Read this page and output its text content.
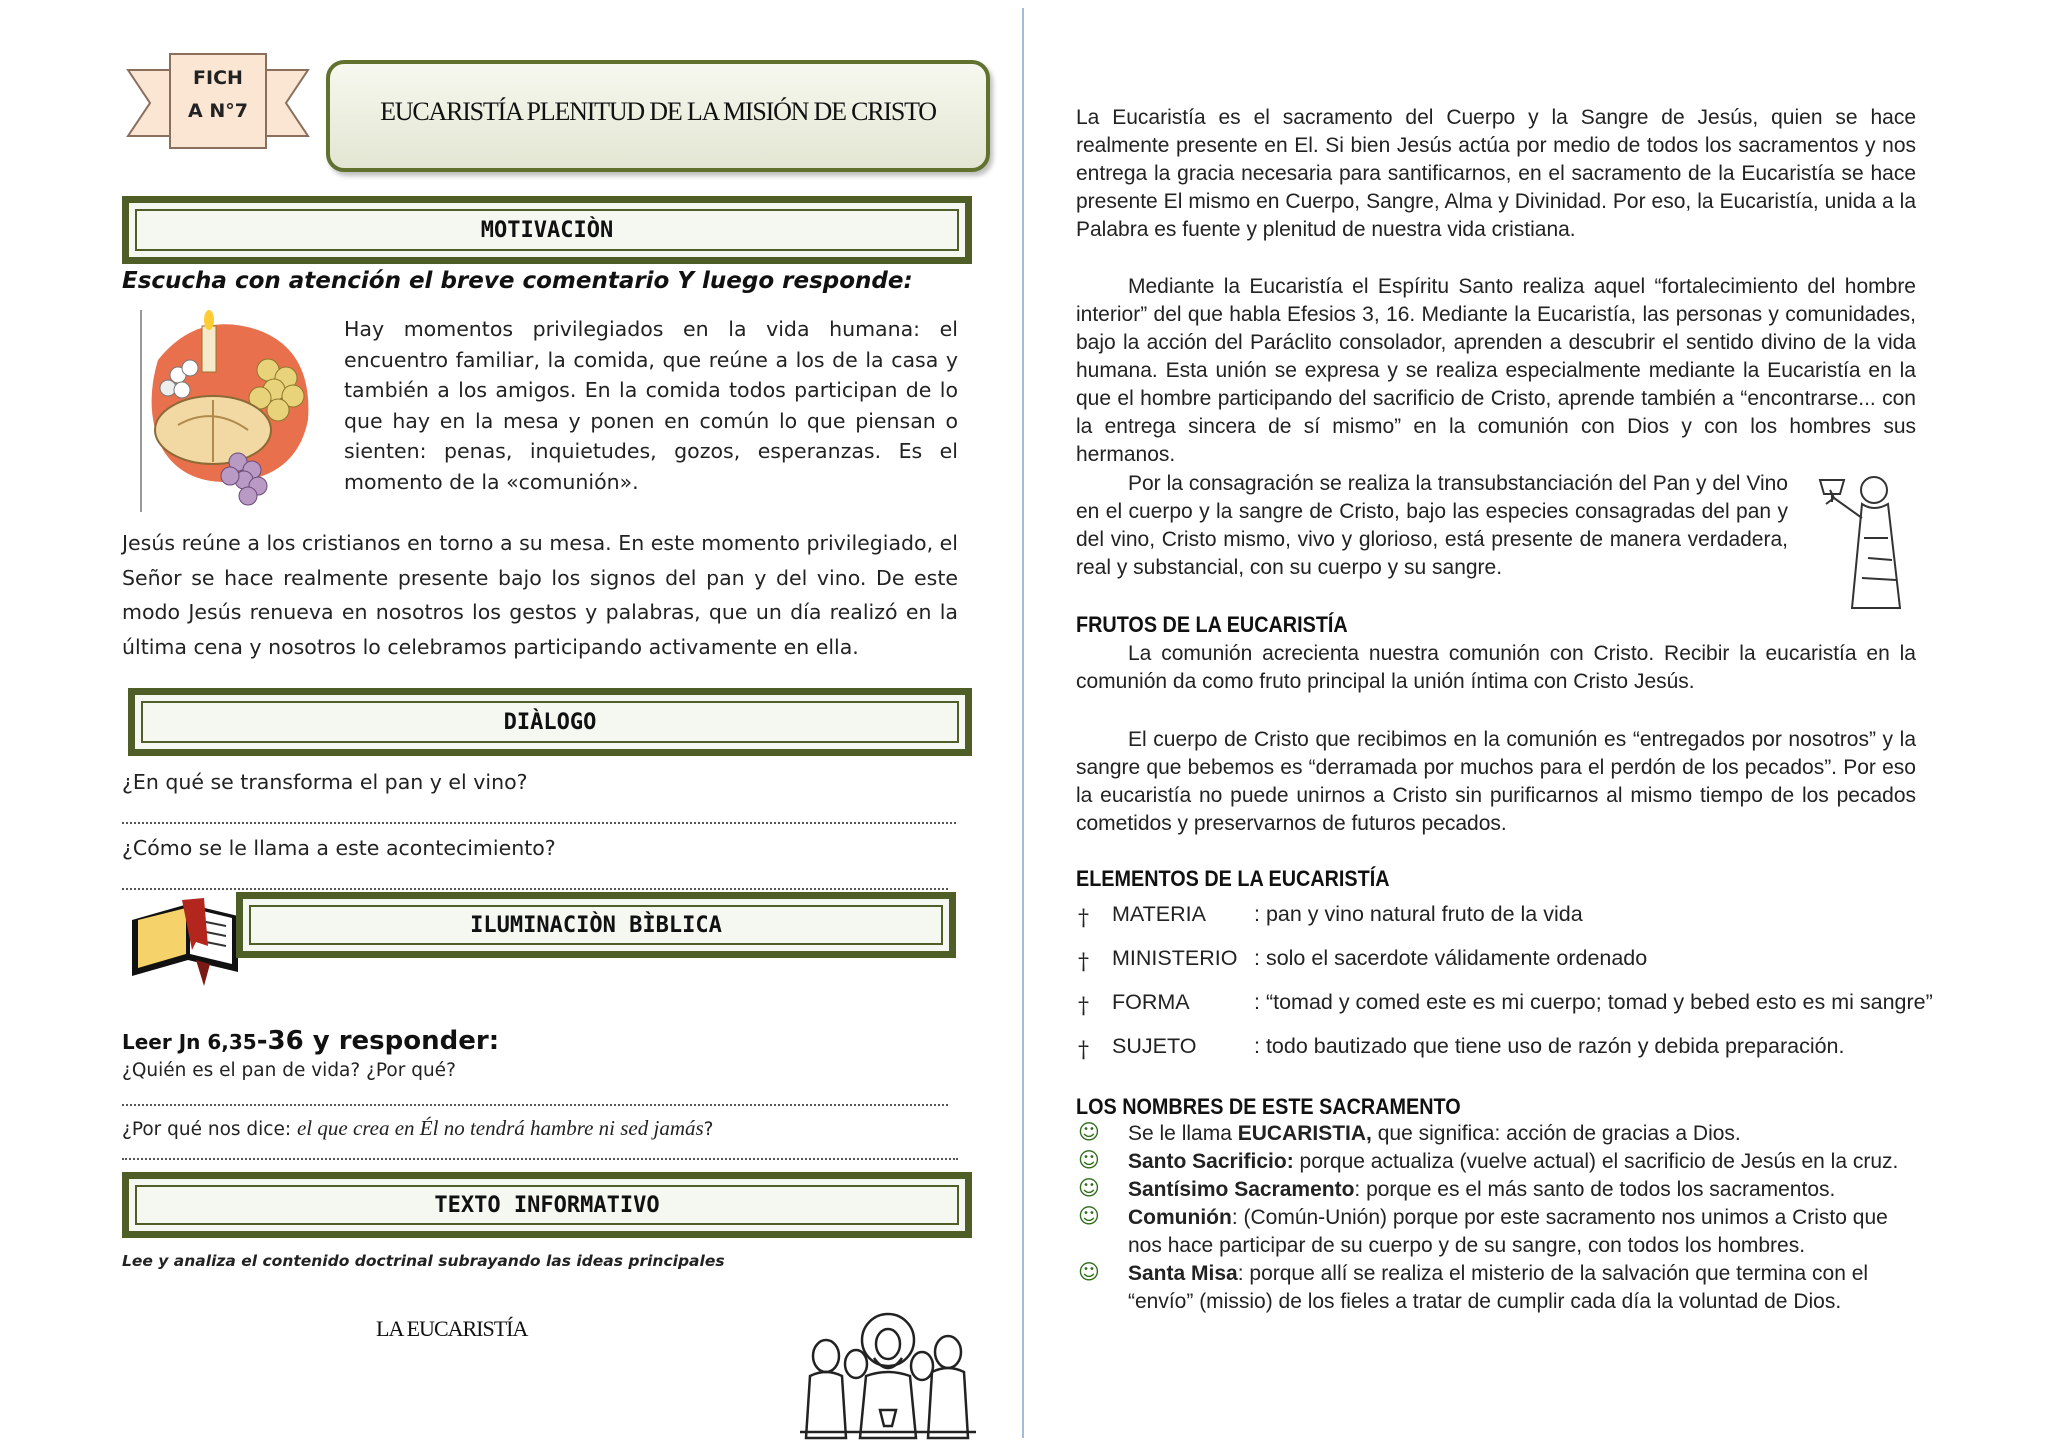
FICH
A N°7	EUCARISTÍA PLENITUD DE LA MISIÓN DE CRISTO
MOTIVACIÒN
Escucha con atención el breve comentario Y luego responde:
Hay momentos privilegiados en la vida humana: el encuentro familiar, la comida, que reúne a los de la casa y también a los amigos. En la comida todos participan de lo que hay en la mesa y ponen en común lo que piensan o sienten: penas, inquietudes, gozos, esperanzas. Es el momento de la «comunión».
Jesús reúne a los cristianos en torno a su mesa. En este momento privilegiado, el Señor se hace realmente presente bajo los signos del pan y del vino. De este modo Jesús renueva en nosotros los gestos y palabras, que un día realizó en la última cena y nosotros lo celebramos participando activamente en ella.
DIÀLOGO
¿En qué se transforma el pan y el vino?
¿Cómo se le llama a este acontecimiento?
ILUMINACIÒN BÌBLICA
Leer Jn 6,35-36 y responder:
¿Quién es el pan de vida? ¿Por qué?
¿Por qué nos dice: el que crea en Él no tendrá hambre ni sed jamás?
TEXTO INFORMATIVO
Lee y analiza el contenido doctrinal subrayando las ideas principales
LA EUCARISTÍA
La Eucaristía es el sacramento del Cuerpo y la Sangre de Jesús, quien se hace realmente presente en El. Si bien Jesús actúa por medio de todos los sacramentos y nos entrega la gracia necesaria para santificarnos, en el sacramento de la Eucaristía se hace presente El mismo en Cuerpo, Sangre, Alma y Divinidad. Por eso, la Eucaristía, unida a la Palabra es fuente y plenitud de nuestra vida cristiana.
Mediante la Eucaristía el Espíritu Santo realiza aquel “fortalecimiento del hombre interior” del que habla Efesios 3, 16. Mediante la Eucaristía, las personas y comunidades, bajo la acción del Paráclito consolador, aprenden a descubrir el sentido divino de la vida humana. Esta unión se expresa y se realiza especialmente mediante la Eucaristía en la que el hombre participando del sacrificio de Cristo, aprende también a “encontrarse... con la entrega sincera de sí mismo” en la comunión con Dios y con los hombres sus hermanos.
Por la consagración se realiza la transubstanciación del Pan y del Vino en el cuerpo y la sangre de Cristo, bajo las especies consagradas del pan y del vino, Cristo mismo, vivo y glorioso, está presente de manera verdadera, real y substancial, con su cuerpo y su sangre.
FRUTOS DE LA EUCARISTÍA
La comunión acrecienta nuestra comunión con Cristo. Recibir la eucaristía en la comunión da como fruto principal la unión íntima con Cristo Jesús.
El cuerpo de Cristo que recibimos en la comunión es “entregados por nosotros” y la sangre que bebemos es “derramada por muchos para el perdón de los pecados”. Por eso la eucaristía no puede unirnos a Cristo sin purificarnos al mismo tiempo de los pecados cometidos y preservarnos de futuros pecados.
ELEMENTOS DE LA EUCARISTÍA
† MATERIA : pan y vino natural fruto de la vida
† MINISTERIO : solo el sacerdote válidamente ordenado
† FORMA	: “tomad y comed este es mi cuerpo; tomad y bebed esto es mi sangre”
† SUJETO	: todo bautizado que tiene uso de razón y debida preparación.
LOS NOMBRES DE ESTE SACRAMENTO
☺ Se le llama EUCARISTIA, que significa: acción de gracias a Dios.
☺ Santo Sacrificio: porque actualiza (vuelve actual) el sacrificio de Jesús en la cruz.
☺ Santísimo Sacramento: porque es el más santo de todos los sacramentos.
☺ Comunión: (Común-Unión) porque por este sacramento nos unimos a Cristo que nos hace participar de su cuerpo y de su sangre, con todos los hombres.
☺ Santa Misa: porque allí se realiza el misterio de la salvación que termina con el “envío” (missio) de los fieles a tratar de cumplir cada día la voluntad de Dios.
